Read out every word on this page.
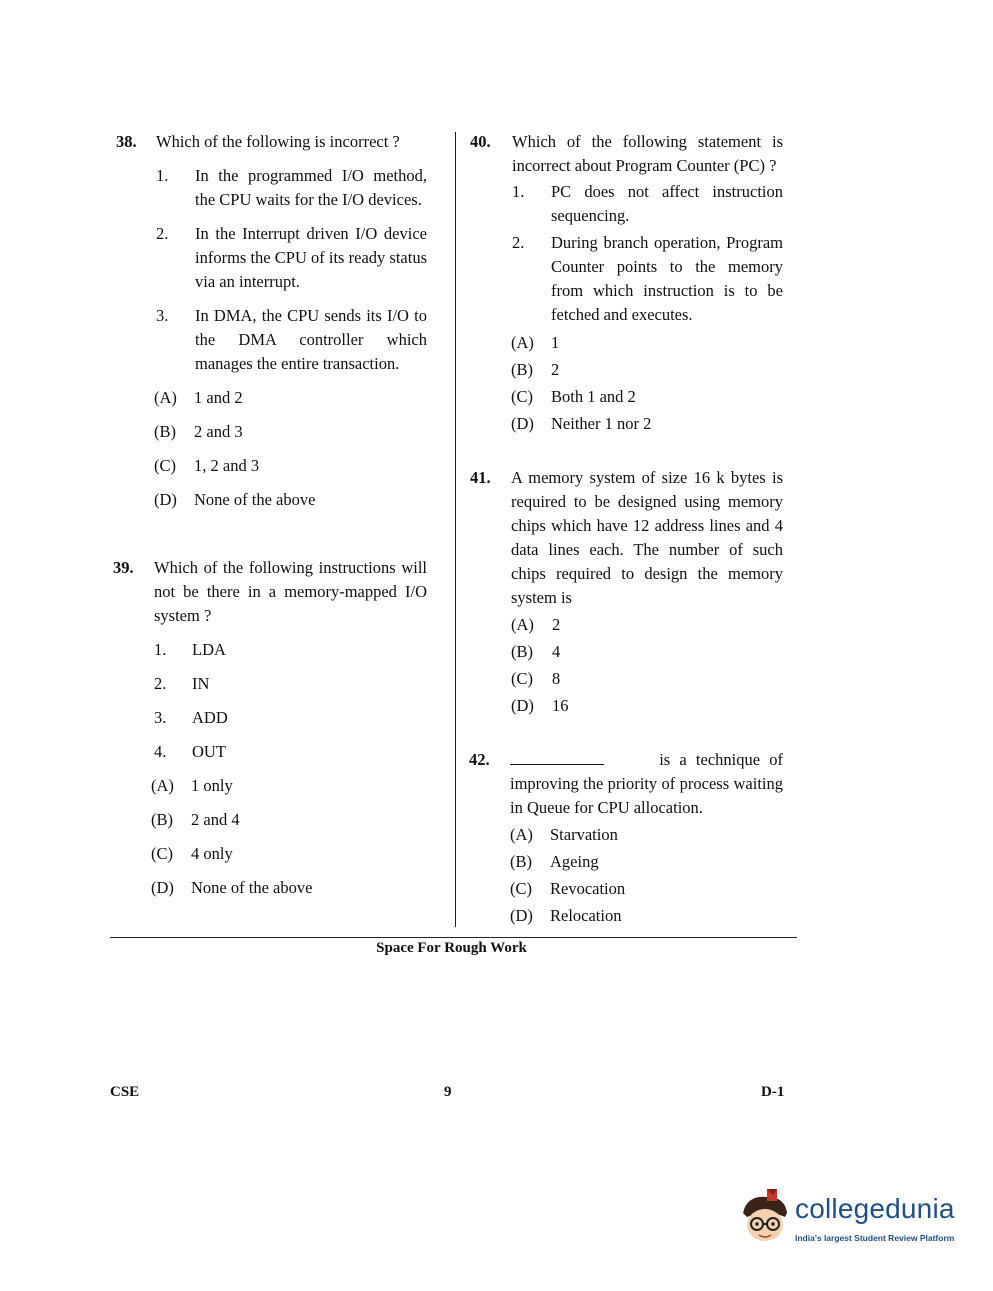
38. Which of the following is incorrect ?
1. In the programmed I/O method, the CPU waits for the I/O devices.
2. In the Interrupt driven I/O device informs the CPU of its ready status via an interrupt.
3. In DMA, the CPU sends its I/O to the DMA controller which manages the entire transaction.
(A) 1 and 2
(B) 2 and 3
(C) 1, 2 and 3
(D) None of the above
39. Which of the following instructions will not be there in a memory-mapped I/O system ?
1. LDA
2. IN
3. ADD
4. OUT
(A) 1 only
(B) 2 and 4
(C) 4 only
(D) None of the above
40. Which of the following statement is incorrect about Program Counter (PC) ?
1. PC does not affect instruction sequencing.
2. During branch operation, Program Counter points to the memory from which instruction is to be fetched and executes.
(A) 1
(B) 2
(C) Both 1 and 2
(D) Neither 1 nor 2
41. A memory system of size 16 k bytes is required to be designed using memory chips which have 12 address lines and 4 data lines each. The number of such chips required to design the memory system is
(A) 2
(B) 4
(C) 8
(D) 16
42.	is a technique of improving the priority of process waiting in Queue for CPU allocation.
(A) Starvation
(B) Ageing
(C) Revocation
(D) Relocation
Space For Rough Work
CSE	9	D-1
collegedunia
India's largest Student Review Platform
